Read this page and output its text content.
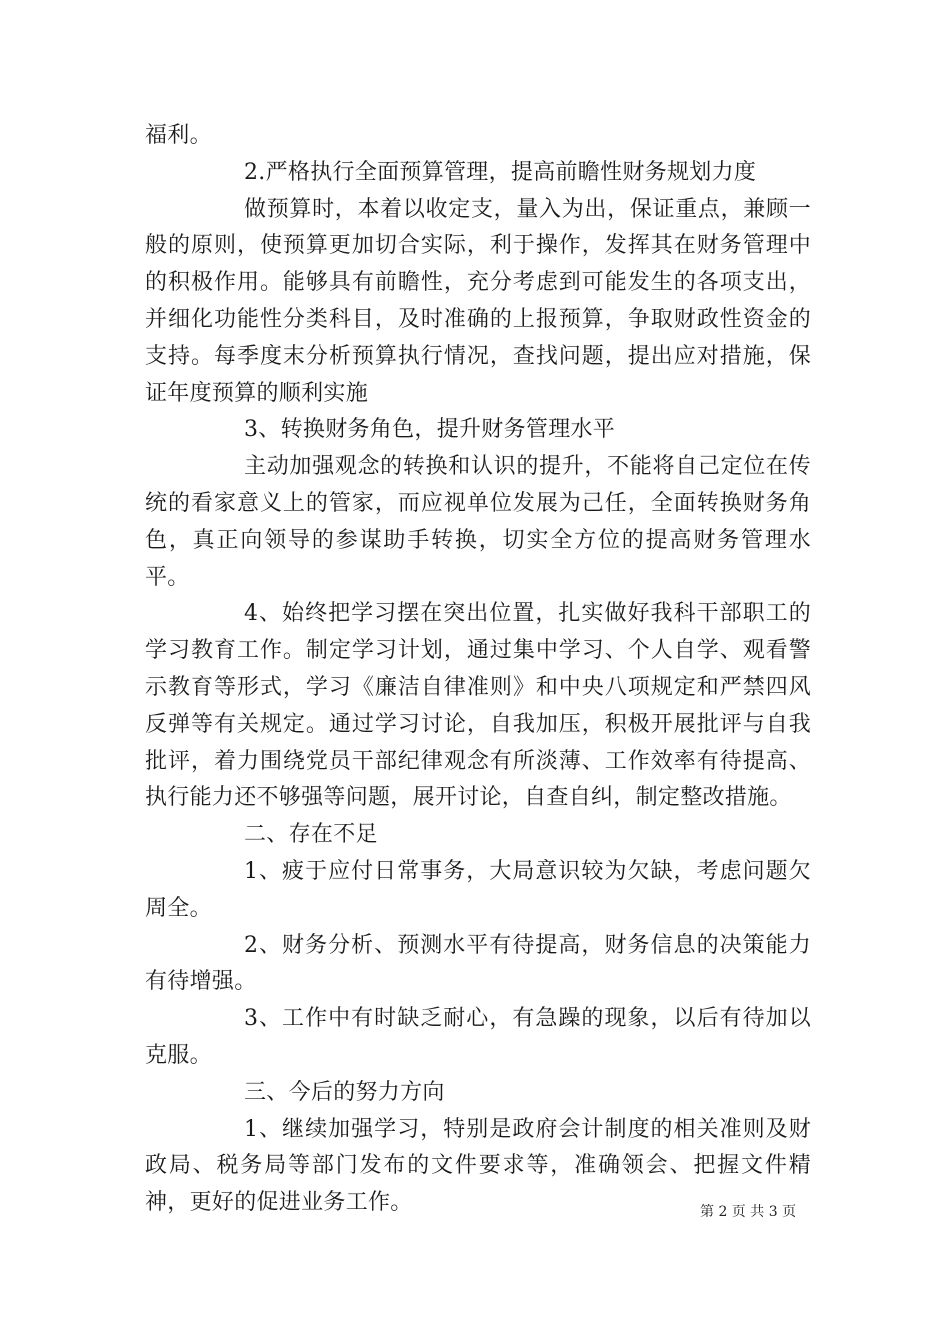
福利。

2.严格执行全面预算管理，提高前瞻性财务规划力度

做预算时，本着以收定支，量入为出，保证重点，兼顾一般的原则，使预算更加切合实际，利于操作，发挥其在财务管理中的积极作用。能够具有前瞻性，充分考虑到可能发生的各项支出，并细化功能性分类科目，及时准确的上报预算，争取财政性资金的支持。每季度末分析预算执行情况，查找问题，提出应对措施，保证年度预算的顺利实施

3、转换财务角色，提升财务管理水平

主动加强观念的转换和认识的提升，不能将自己定位在传统的看家意义上的管家，而应视单位发展为己任，全面转换财务角色，真正向领导的参谋助手转换，切实全方位的提高财务管理水平。

4、始终把学习摆在突出位置，扎实做好我科干部职工的学习教育工作。制定学习计划，通过集中学习、个人自学、观看警示教育等形式，学习《廉洁自律准则》和中央八项规定和严禁四风反弹等有关规定。通过学习讨论，自我加压，积极开展批评与自我批评，着力围绕党员干部纪律观念有所淡薄、工作效率有待提高、执行能力还不够强等问题，展开讨论，自查自纠，制定整改措施。

二、存在不足

1、疲于应付日常事务，大局意识较为欠缺，考虑问题欠周全。

2、财务分析、预测水平有待提高，财务信息的决策能力有待增强。

3、工作中有时缺乏耐心，有急躁的现象，以后有待加以克服。

三、今后的努力方向

1、继续加强学习，特别是政府会计制度的相关准则及财政局、税务局等部门发布的文件要求等，准确领会、把握文件精神，更好的促进业务工作。	第 2 页 共 3 页
